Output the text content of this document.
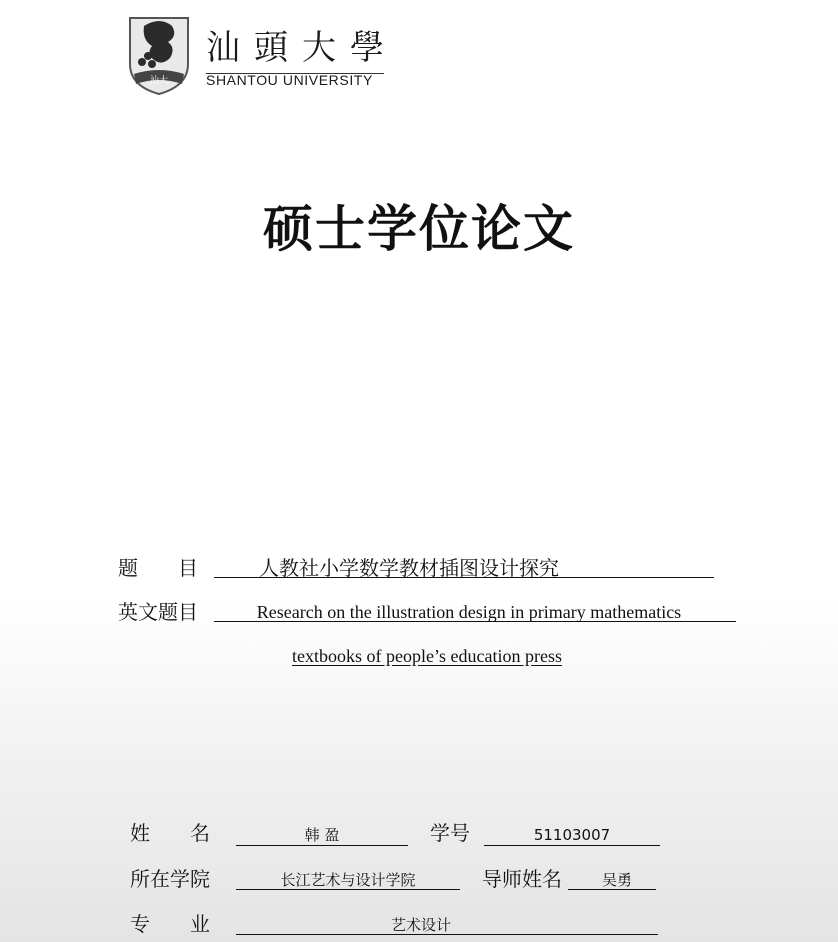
汕大
汕頭大學
SHANTOU UNIVERSITY
硕士学位论文
题　　目	人教社小学数学教材插图设计探究
英文题目	Research on the illustration design in primary mathematics
textbooks of people’s education press
姓　　名	韩 盈	学号	51103007
所在学院	长江艺术与设计学院	导师姓名	吴勇
专　　业	艺术设计
